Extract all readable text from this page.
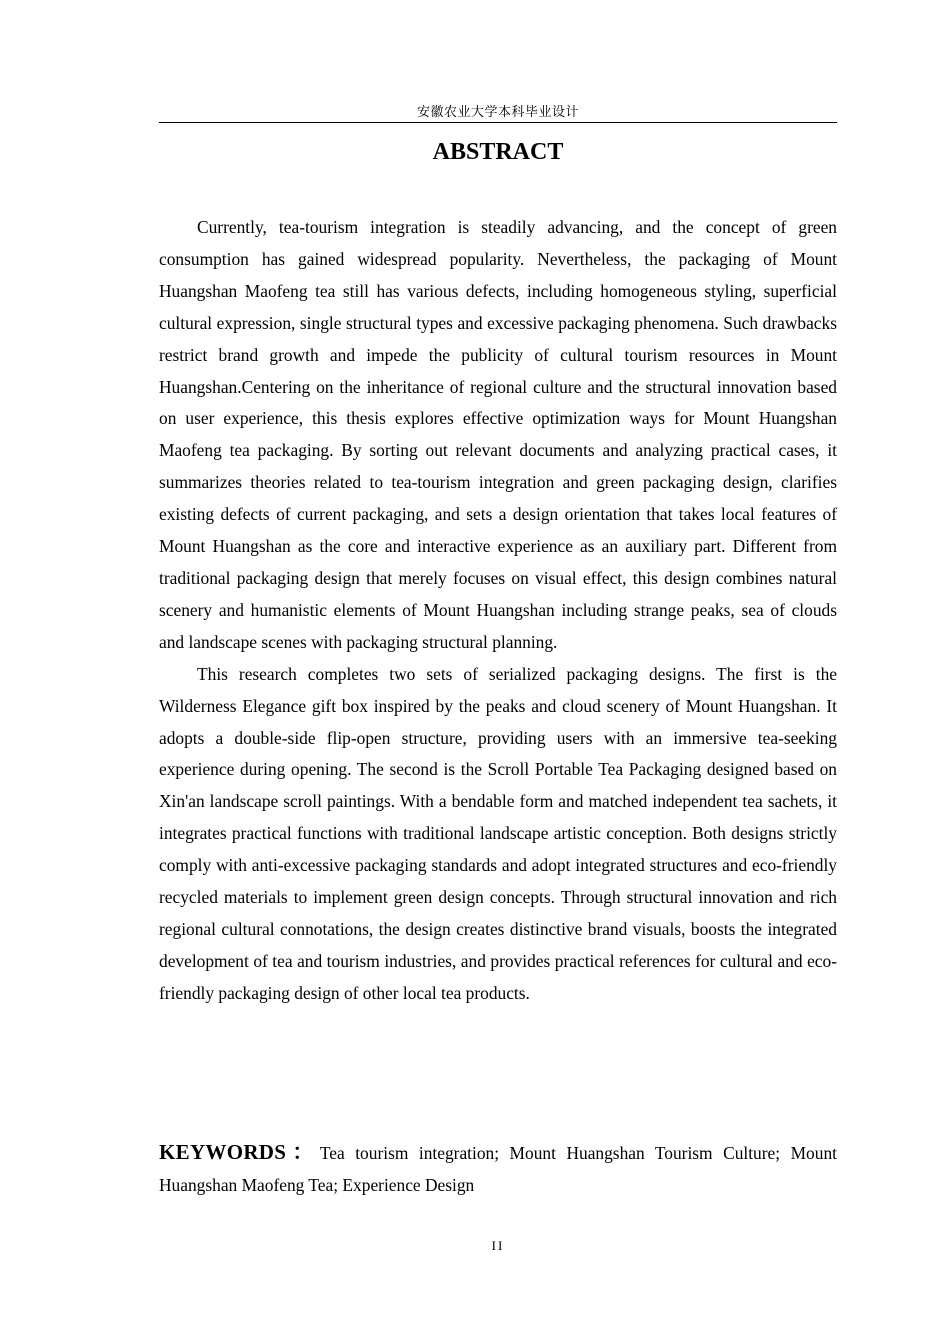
安徽农业大学本科毕业设计
ABSTRACT

Currently, tea-tourism integration is steadily advancing, and the concept of green consumption has gained widespread popularity. Nevertheless, the packaging of Mount Huangshan Maofeng tea still has various defects, including homogeneous styling, superficial cultural expression, single structural types and excessive packaging phenomena. Such drawbacks restrict brand growth and impede the publicity of cultural tourism resources in Mount Huangshan.Centering on the inheritance of regional culture and the structural innovation based on user experience, this thesis explores effective optimization ways for Mount Huangshan Maofeng tea packaging. By sorting out relevant documents and analyzing practical cases, it summarizes theories related to tea-tourism integration and green packaging design, clarifies existing defects of current packaging, and sets a design orientation that takes local features of Mount Huangshan as the core and interactive experience as an auxiliary part. Different from traditional packaging design that merely focuses on visual effect, this design combines natural scenery and humanistic elements of Mount Huangshan including strange peaks, sea of clouds and landscape scenes with packaging structural planning.

This research completes two sets of serialized packaging designs. The first is the Wilderness Elegance gift box inspired by the peaks and cloud scenery of Mount Huangshan. It adopts a double-side flip-open structure, providing users with an immersive tea-seeking experience during opening. The second is the Scroll Portable Tea Packaging designed based on Xin'an landscape scroll paintings. With a bendable form and matched independent tea sachets, it integrates practical functions with traditional landscape artistic conception. Both designs strictly comply with anti-excessive packaging standards and adopt integrated structures and eco-friendly recycled materials to implement green design concepts. Through structural innovation and rich regional cultural connotations, the design creates distinctive brand visuals, boosts the integrated development of tea and tourism industries, and provides practical references for cultural and eco-friendly packaging design of other local tea products.

KEYWORDS：Tea tourism integration; Mount Huangshan Tourism Culture; Mount Huangshan Maofeng Tea; Experience Design

II
